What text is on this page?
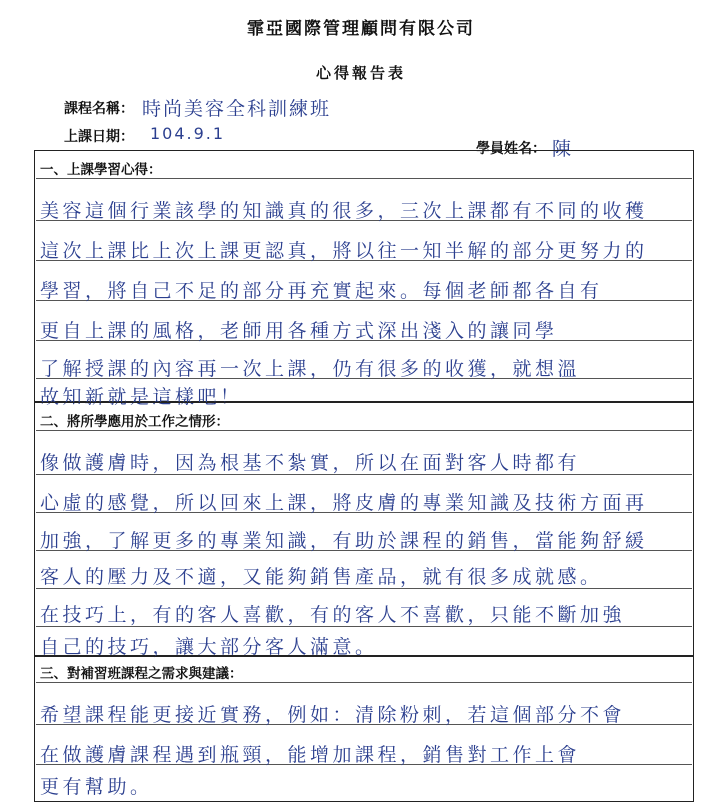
霏亞國際管理顧問有限公司
心得報告表
課程名稱： 時尚美容全科訓練班
上課日期： 104.9.1
學員姓名： 陳
一、上課學習心得：
美容這個行業該學的知識真的很多，三次上課都有不同的收穫
這次上課比上次上課更認真，將以往一知半解的部分更努力的
學習，將自己不足的部分再充實起來。每個老師都各自有
更自上課的風格，老師用各種方式深出淺入的讓同學
了解授課的內容再一次上課，仍有很多的收獲，就想溫
故知新就是這樣吧！
二、將所學應用於工作之情形：
像做護膚時，因為根基不紮實，所以在面對客人時都有
心虛的感覺，所以回來上課，將皮膚的專業知識及技術方面再
加強，了解更多的專業知識，有助於課程的銷售，當能夠舒緩
客人的壓力及不適，又能夠銷售產品，就有很多成就感。
在技巧上，有的客人喜歡，有的客人不喜歡，只能不斷加強
自己的技巧，讓大部分客人滿意。
三、對補習班課程之需求與建議：
希望課程能更接近實務，例如：清除粉刺，若這個部分不會
在做護膚課程遇到瓶頸，能增加課程，銷售對工作上會
更有幫助。
